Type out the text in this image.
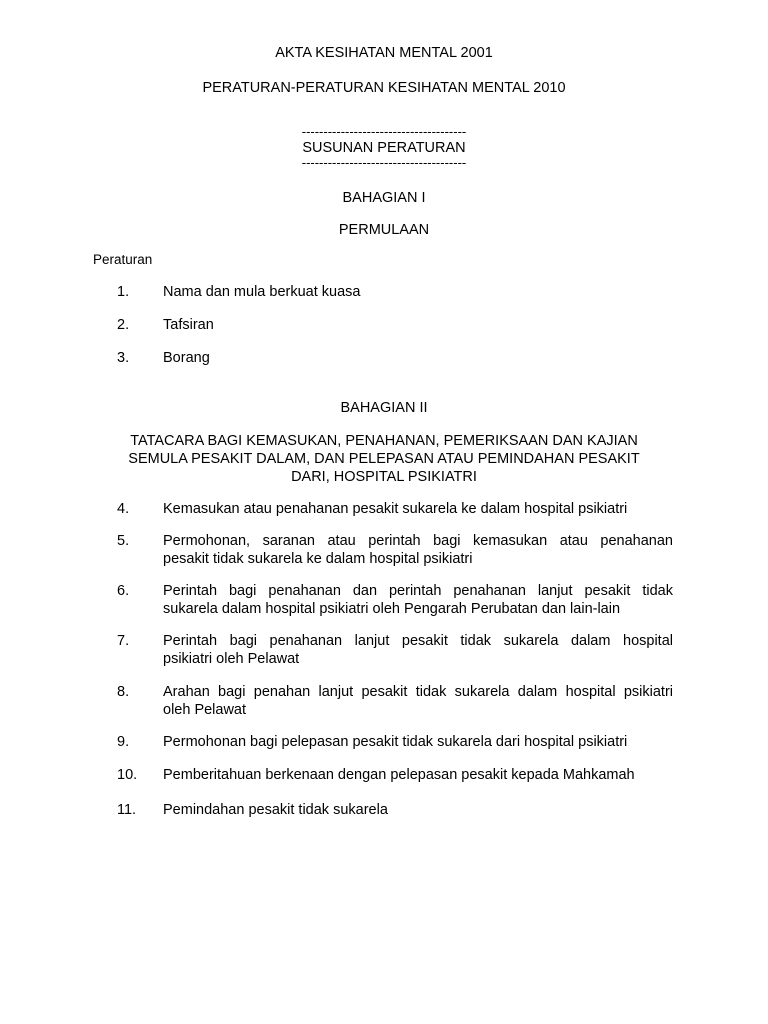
AKTA KESIHATAN MENTAL 2001
PERATURAN-PERATURAN KESIHATAN MENTAL 2010
--------------------------------------
SUSUNAN PERATURAN
--------------------------------------
BAHAGIAN I
PERMULAAN
Peraturan
1. Nama dan mula berkuat kuasa
2. Tafsiran
3. Borang
BAHAGIAN II
TATACARA BAGI KEMASUKAN, PENAHANAN, PEMERIKSAAN DAN KAJIAN
SEMULA PESAKIT DALAM, DAN PELEPASAN ATAU PEMINDAHAN PESAKIT
DARI, HOSPITAL PSIKIATRI
4. Kemasukan atau penahanan pesakit sukarela ke dalam hospital psikiatri
5. Permohonan, saranan atau perintah bagi kemasukan atau penahanan
pesakit tidak sukarela ke dalam hospital psikiatri
6. Perintah bagi penahanan dan perintah penahanan lanjut pesakit tidak
sukarela dalam hospital psikiatri oleh Pengarah Perubatan dan lain-lain
7. Perintah bagi penahanan lanjut pesakit tidak sukarela dalam hospital
psikiatri oleh Pelawat
8. Arahan bagi penahan lanjut pesakit tidak sukarela dalam hospital psikiatri
oleh Pelawat
9. Permohonan bagi pelepasan pesakit tidak sukarela dari hospital psikiatri
10. Pemberitahuan berkenaan dengan pelepasan pesakit kepada Mahkamah
11. Pemindahan pesakit tidak sukarela
